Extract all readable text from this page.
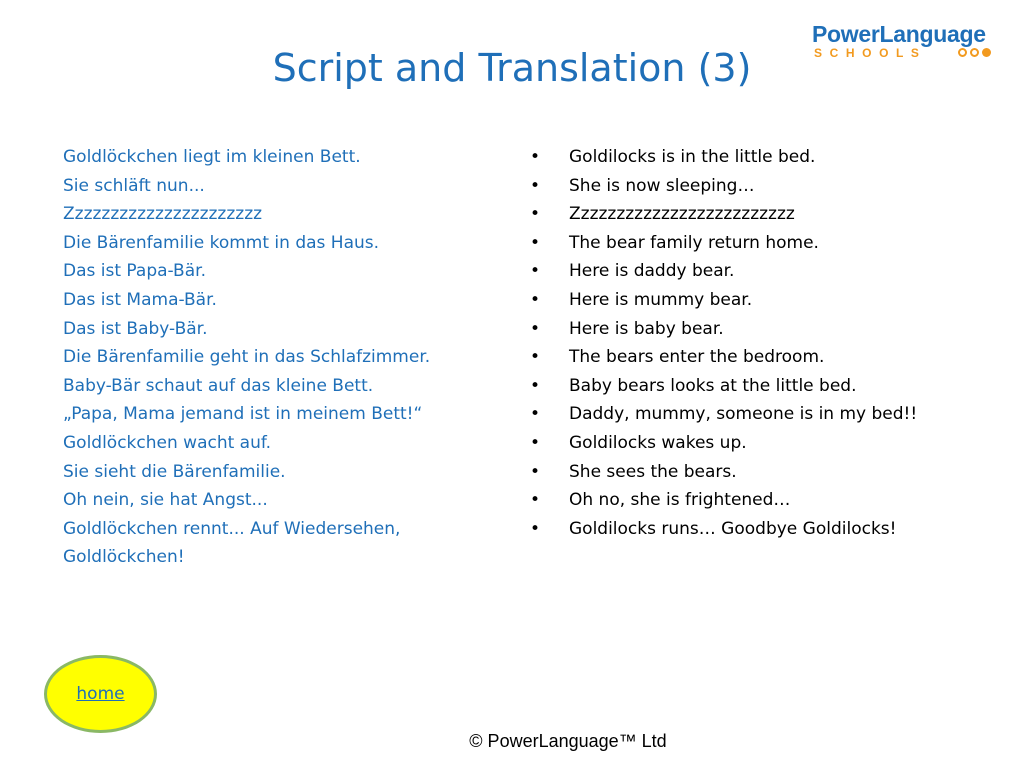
PowerLanguage
SCHOOLS
Script and Translation (3)
Goldlöckchen liegt im kleinen Bett.
Sie schläft nun...
Zzzzzzzzzzzzzzzzzzzzzz
Die Bärenfamilie kommt in das Haus.
Das ist Papa-Bär.
Das ist Mama-Bär.
Das ist Baby-Bär.
Die Bärenfamilie geht in das Schlafzimmer.
Baby-Bär schaut auf das kleine Bett.
„Papa, Mama jemand ist in meinem Bett!“
Goldlöckchen wacht auf.
Sie sieht die Bärenfamilie.
Oh nein, sie hat Angst...
Goldlöckchen rennt... Auf Wiedersehen,
Goldlöckchen!
• Goldilocks is in the little bed.
• She is now sleeping…
• Zzzzzzzzzzzzzzzzzzzzzzzzz
• The bear family return home.
• Here is daddy bear.
• Here is mummy bear.
• Here is baby bear.
• The bears enter the bedroom.
• Baby bears looks at the little bed.
• Daddy, mummy, someone is in my bed!!
• Goldilocks wakes up.
• She sees the bears.
• Oh no, she is frightened…
• Goldilocks runs… Goodbye Goldilocks!
home
© PowerLanguage™ Ltd
